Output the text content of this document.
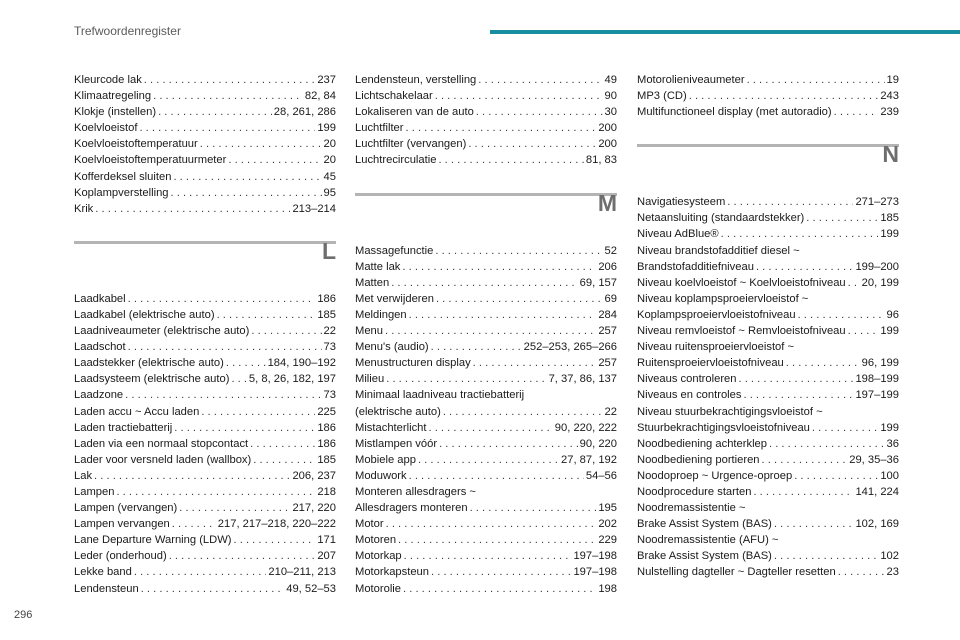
Trefwoordenregister
Kleurcode lak . . .	237
Klimaatregeling . . .	82, 84
Klokje (instellen) . . .	28, 261, 286
Koelvloeistof . . .	199
Koelvloeistoftemperatuur . . .	20
Koelvloeistoftemperatuurmeter . . .	20
Kofferdeksel sluiten . . .	45
Koplampverstelling . . .	95
Krik . . .	213–214
L
Laadkabel . . .	186
Laadkabel (elektrische auto) . . .	185
Laadniveaumeter (elektrische auto) . . .	22
Laadschot . . .	73
Laadstekker (elektrische auto) . . .	184, 190–192
Laadsysteem (elektrische auto) . . . 5, 8, 26, 182, 197
Laadzone . . .	73
Laden accu ~ Accu laden . . .	225
Laden tractiebatterij . . .	186
Laden via een normaal stopcontact . . .	186
Lader voor versneld laden (wallbox) . . .	185
Lak . . .	206, 237
Lampen . . .	218
Lampen (vervangen) . . .	217, 220
Lampen vervangen . . .	217, 217–218, 220–222
Lane Departure Warning (LDW) . . .	171
Leder (onderhoud) . . .	207
Lekke band . . .	210–211, 213
Lendensteun . . .	49, 52–53
Lendensteun, verstelling . . .	49
Lichtschakelaar . . .	90
Lokaliseren van de auto . . .	30
Luchtfilter . . .	200
Luchtfilter (vervangen) . . .	200
Luchtrecirculatie . . .	81, 83
M
Massagefunctie . . .	52
Matte lak . . .	206
Matten . . .	69, 157
Met verwijderen . . .	69
Meldingen . . .	284
Menu . . .	257
Menu's (audio) . . .	252–253, 265–266
Menustructuren display . . .	257
Milieu . . .	7, 37, 86, 137
Minimaal laadniveau tractiebatterij
(elektrische auto) . . .	22
Mistachterlicht . . .	90, 220, 222
Mistlampen vóór . . .	90, 220
Mobiele app . . .	27, 87, 192
Moduwork . . .	54–56
Monteren allesdragers ~
Allesdragers monteren . . .	195
Motor . . .	202
Motoren . . .	229
Motorkap . . .	197–198
Motorkapsteun . . .	197–198
Motorolie . . .	198
Motorolieniveaumeter . . .	19
MP3 (CD) . . .	243
Multifunctioneel display (met autoradio) . . .	239
N
Navigatiesysteem . . .	271–273
Netaansluiting (standaardstekker) . . .	185
Niveau AdBlue® . . .	199
Niveau brandstofadditief diesel ~
Brandstofadditiefniveau . . .	199–200
Niveau koelvloeistof ~ Koelvloeistofniveau . . . 20, 199
Niveau koplampsproeiervloeistof ~
Koplampsproeiervloeistofniveau . . .	96
Niveau remvloeistof ~ Remvloeistofniveau . . .	199
Niveau ruitensproeiervloeistof ~
Ruitensproeiervloeistofniveau . . .	96, 199
Niveaus controleren . . .	198–199
Niveaus en controles . . .	197–199
Niveau stuurbekrachtigingsvloeistof ~
Stuurbekrachtigingsvloeistofniveau . . .	199
Noodbediening achterklep . . .	36
Noodbediening portieren . . .	29, 35–36
Noodoproep ~ Urgence-oproep . . .	100
Noodprocedure starten . . .	141, 224
Noodremassistentie ~
Brake Assist System (BAS) . . .	102, 169
Noodremassistentie (AFU) ~
Brake Assist System (BAS) . . .	102
Nulstelling dagteller ~ Dagteller resetten . . .	23
296
